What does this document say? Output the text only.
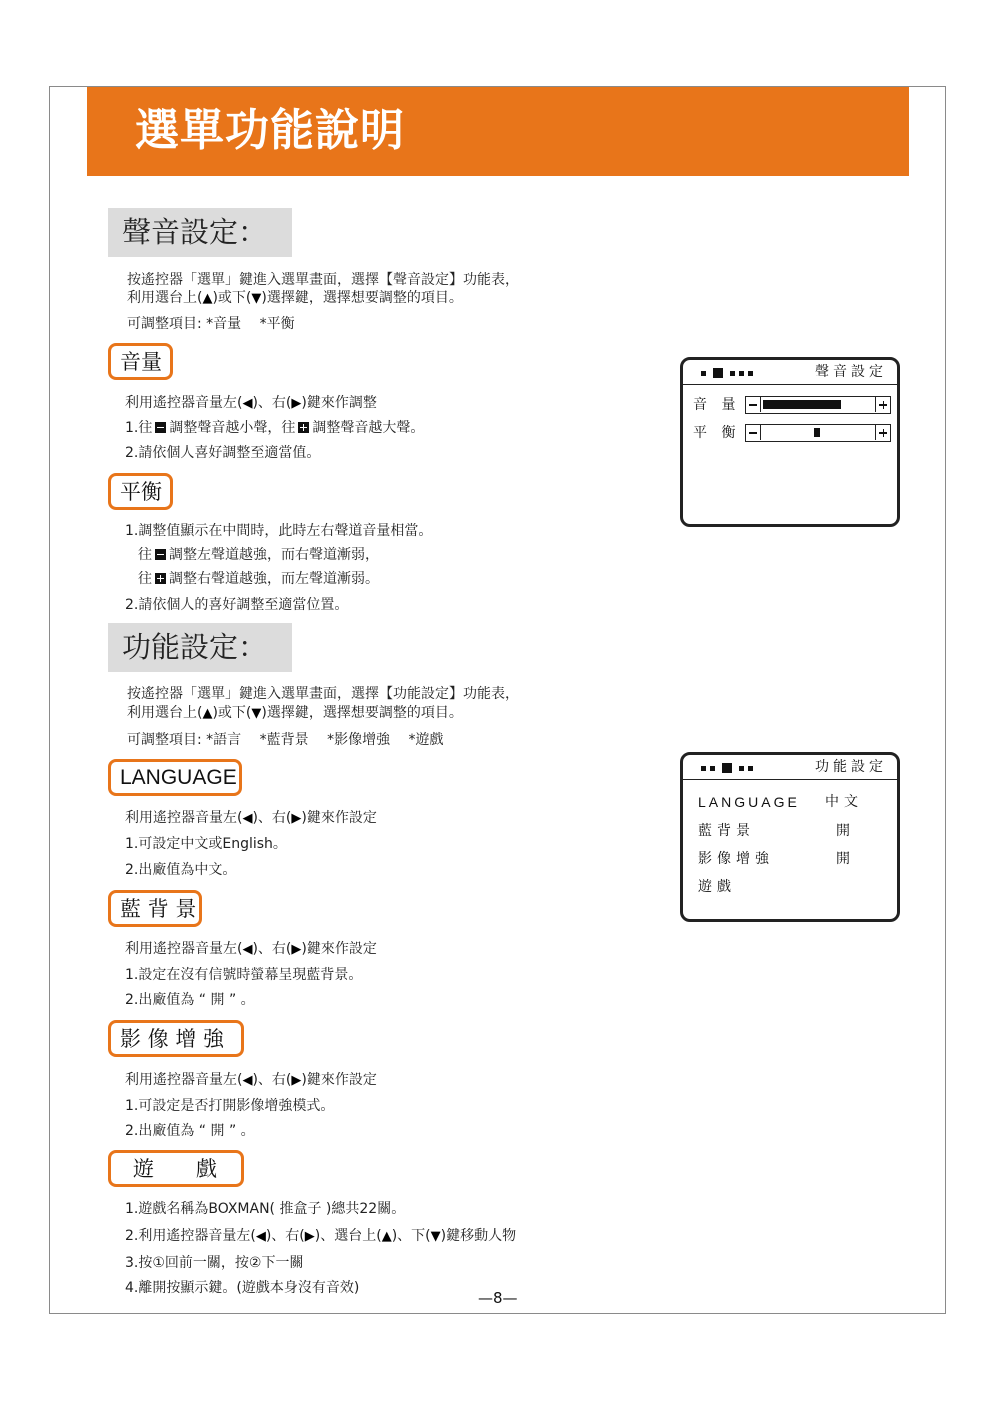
選單功能說明
聲音設定：
按遙控器「選單」鍵進入選單畫面，選擇【聲音設定】功能表，
利用選台上(▲)或下(▼)選擇鍵，選擇想要調整的項目。
可調整項目: *音量　 *平衡
音量
利用遙控器音量左(◀)、右(▶)鍵來作調整
1.往 調整聲音越小聲，往 調整聲音越大聲。
2.請依個人喜好調整至適當值。
平衡
1.調整值顯示在中間時，此時左右聲道音量相當。
往 調整左聲道越強，而右聲道漸弱，
往 調整右聲道越強，而左聲道漸弱。
2.請依個人的喜好調整至適當位置。
功能設定：
按遙控器「選單」鍵進入選單畫面，選擇【功能設定】功能表，
利用選台上(▲)或下(▼)選擇鍵，選擇想要調整的項目。
可調整項目: *語言　 *藍背景　 *影像增強　 *遊戲
LANGUAGE
利用遙控器音量左(◀)、右(▶)鍵來作設定
1.可設定中文或English。
2.出廠值為中文。
藍 背 景
利用遙控器音量左(◀)、右(▶)鍵來作設定
1.設定在沒有信號時螢幕呈現藍背景。
2.出廠值為 “ 開 ” 。
影 像 增 強
利用遙控器音量左(◀)、右(▶)鍵來作設定
1.可設定是否打開影像增強模式。
2.出廠值為 “ 開 ” 。
遊　　戲
1.遊戲名稱為BOXMAN( 推盒子 )總共22關。
2.利用遙控器音量左(◀)、右(▶)、選台上(▲)、下(▼)鍵移動人物
3.按①回前一關，按②下一關
4.離開按顯示鍵。(遊戲本身沒有音效)
聲音設定
音 量
平 衡
功能設定
LANGUAGE 中文
藍背景	開
影像增強	開
遊戲
—8—
